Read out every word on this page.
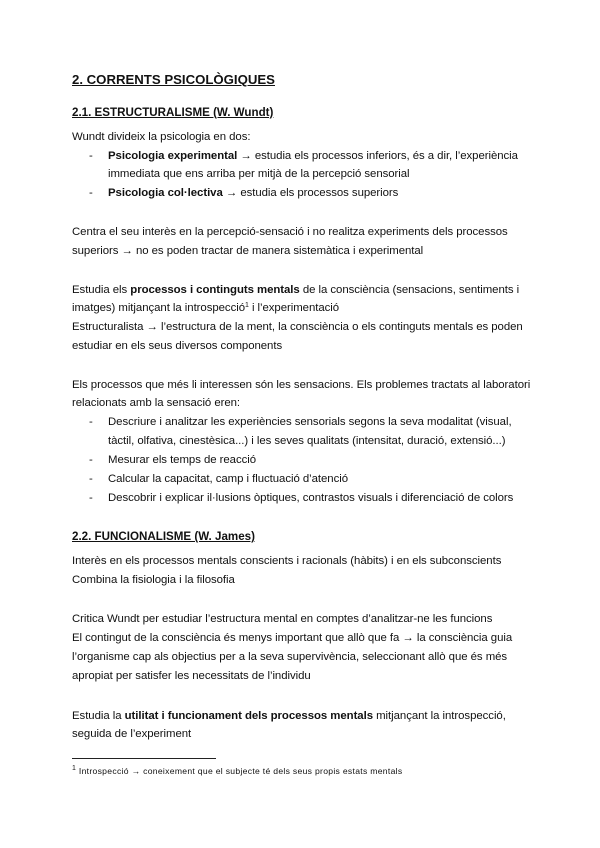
2. CORRENTS PSICOLÒGIQUES
2.1. ESTRUCTURALISME (W. Wundt)
Wundt divideix la psicologia en dos:
- Psicologia experimental → estudia els processos inferiors, és a dir, l’experiència
immediata que ens arriba per mitjà de la percepció sensorial
- Psicologia col·lectiva → estudia els processos superiors
Centra el seu interès en la percepció-sensació i no realitza experiments dels processos
superiors → no es poden tractar de manera sistemàtica i experimental
Estudia els processos i continguts mentals de la consciència (sensacions, sentiments i
imatges) mitjançant la introspecció$^1$ i l’experimentació
Estructuralista → l’estructura de la ment, la consciència o els continguts mentals es poden
estudiar en els seus diversos components
Els processos que més li interessen són les sensacions. Els problemes tractats al laboratori
relacionats amb la sensació eren:
- Descriure i analitzar les experiències sensorials segons la seva modalitat (visual,
tàctil, olfativa, cinestèsica...) i les seves qualitats (intensitat, duració, extensió...)
- Mesurar els temps de reacció
- Calcular la capacitat, camp i fluctuació d’atenció
- Descobrir i explicar il·lusions òptiques, contrastos visuals i diferenciació de colors
2.2. FUNCIONALISME (W. James)
Interès en els processos mentals conscients i racionals (hàbits) i en els subconscients
Combina la fisiologia i la filosofia
Critica Wundt per estudiar l’estructura mental en comptes d’analitzar-ne les funcions
El contingut de la consciència és menys important que allò que fa → la consciència guia
l’organisme cap als objectius per a la seva supervivència, seleccionant allò que és més
apropiat per satisfer les necessitats de l’individu
Estudia la utilitat i funcionament dels processos mentals mitjançant la introspecció,
seguida de l’experiment
$^1$ Introspecció → coneixement que el subjecte té dels seus propis estats mentals
